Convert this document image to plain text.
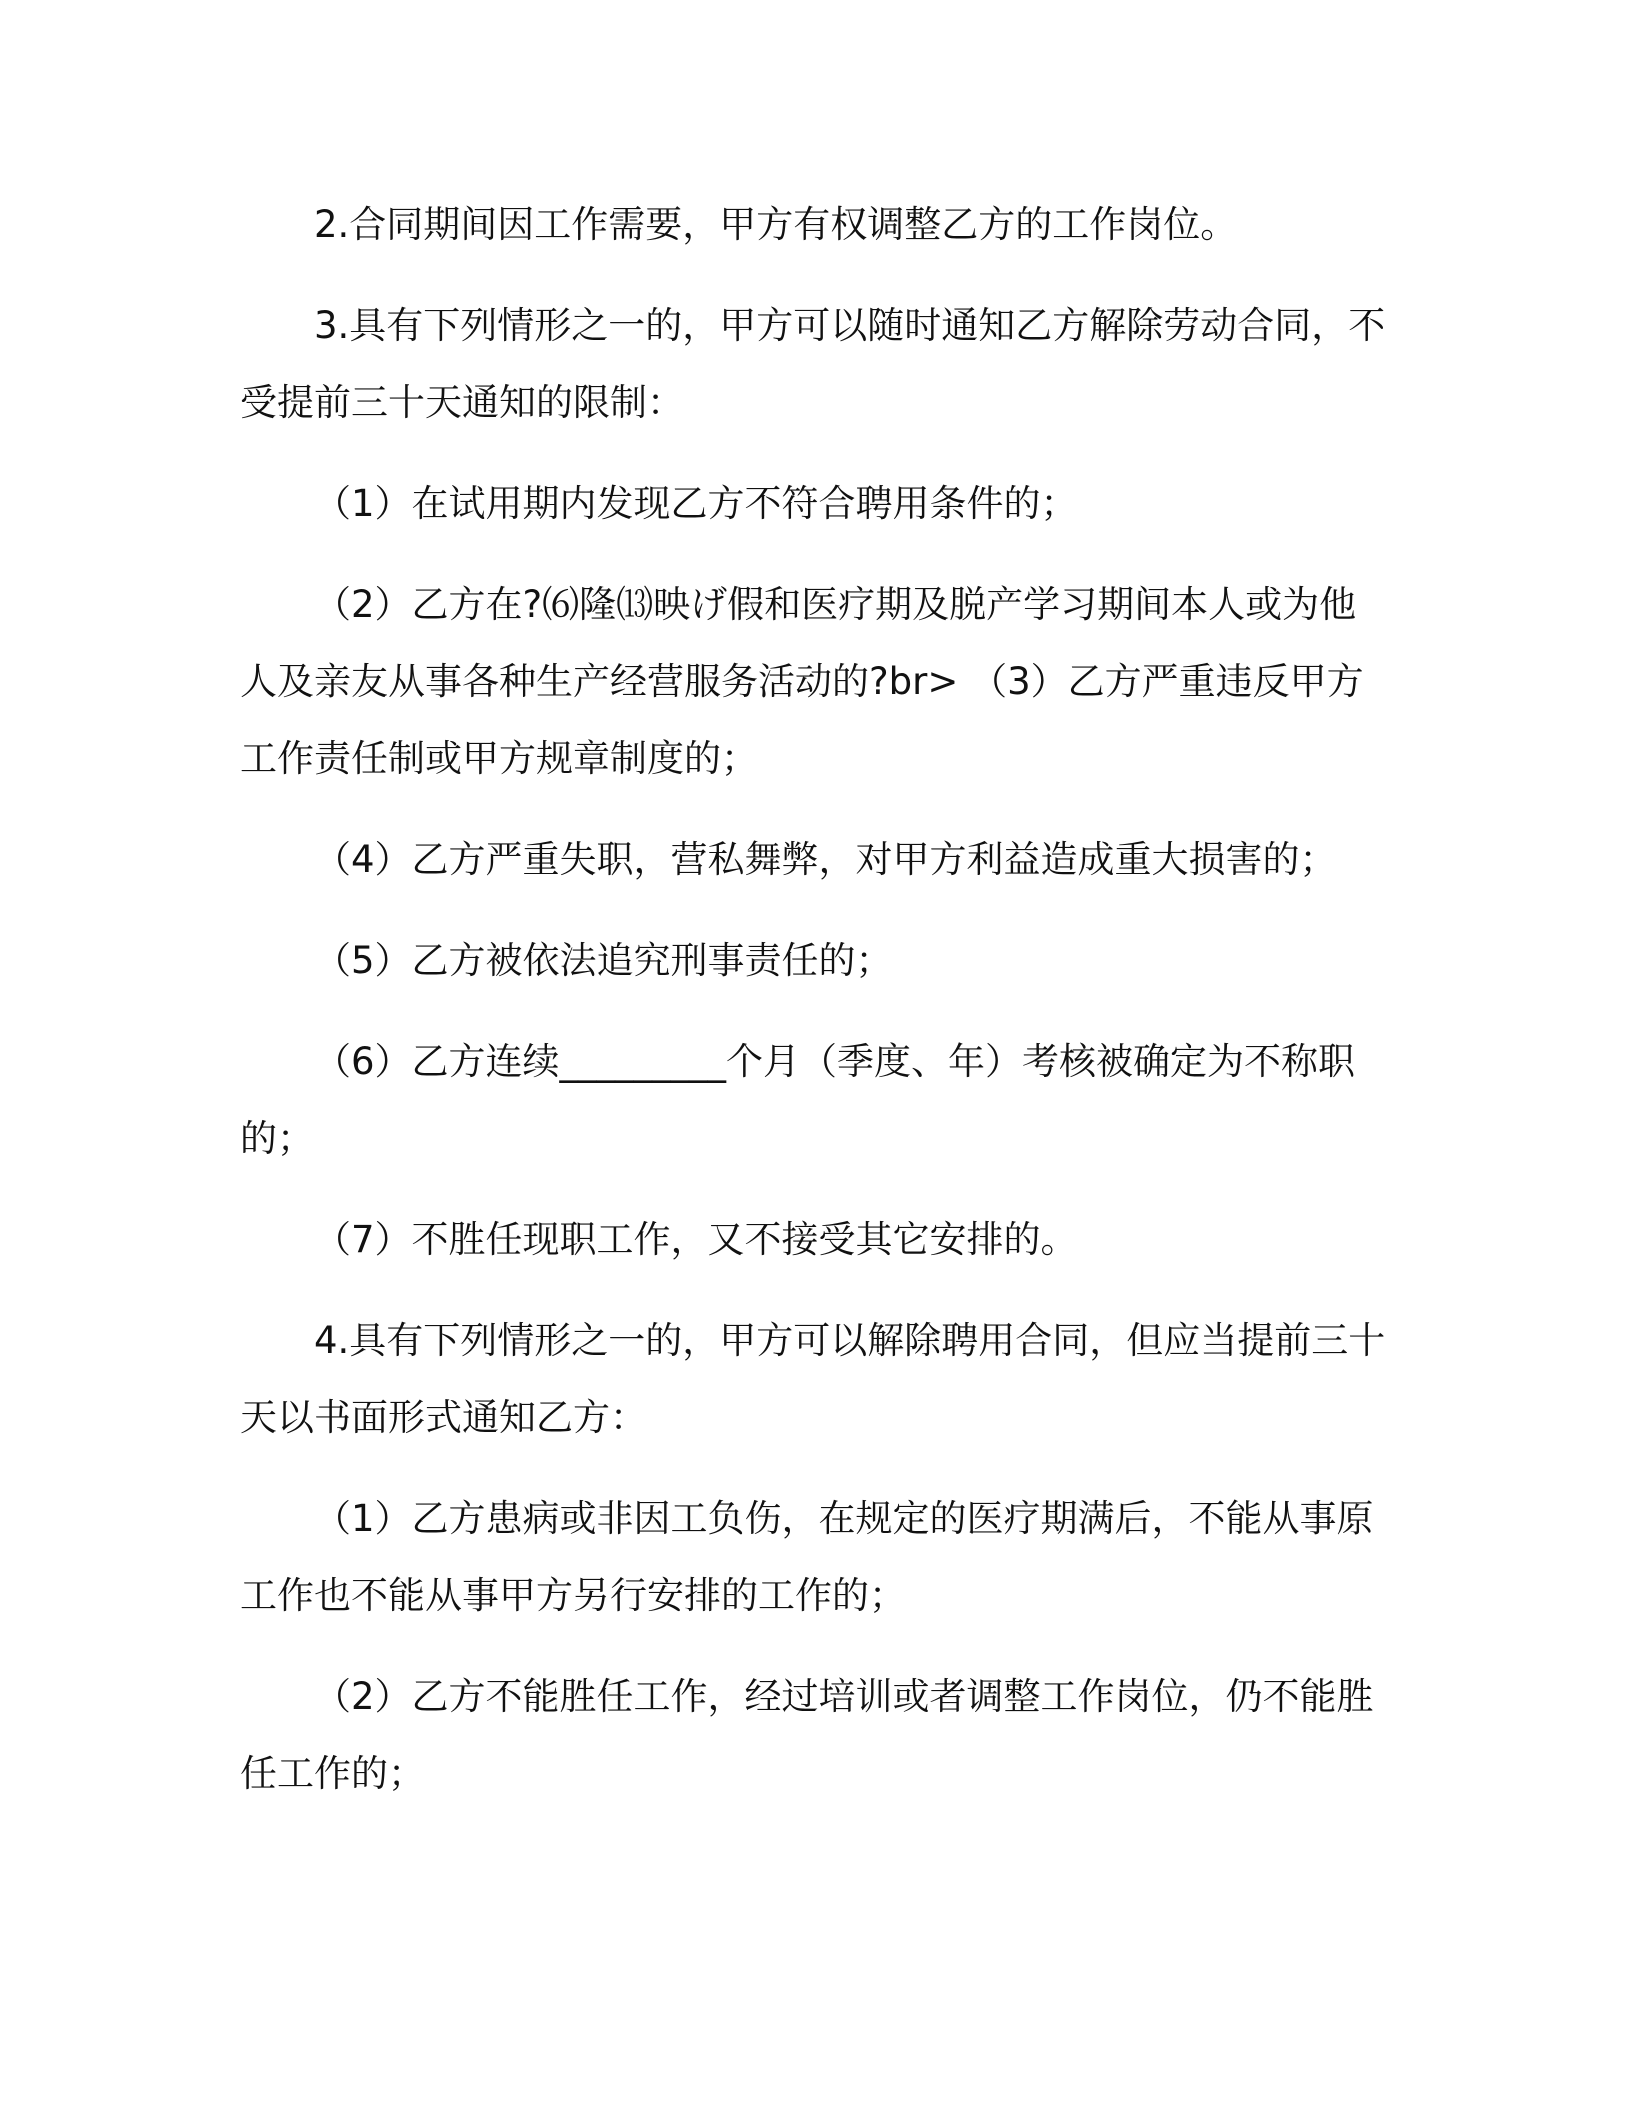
2.合同期间因工作需要，甲方有权调整乙方的工作岗位。

3.具有下列情形之一的，甲方可以随时通知乙方解除劳动合同，不受提前三十天通知的限制：

（1）在试用期内发现乙方不符合聘用条件的；

（2）乙方在?⑹隆⒀映げ假和医疗期及脱产学习期间本人或为他人及亲友从事各种生产经营服务活动的?br> （3）乙方严重违反甲方工作责任制或甲方规章制度的；

（4）乙方严重失职，营私舞弊，对甲方利益造成重大损害的；

（5）乙方被依法追究刑事责任的；

（6）乙方连续_________个月（季度、年）考核被确定为不称职的；

（7）不胜任现职工作，又不接受其它安排的。

4.具有下列情形之一的，甲方可以解除聘用合同，但应当提前三十天以书面形式通知乙方：

（1）乙方患病或非因工负伤，在规定的医疗期满后，不能从事原工作也不能从事甲方另行安排的工作的；

（2）乙方不能胜任工作，经过培训或者调整工作岗位，仍不能胜任工作的；
